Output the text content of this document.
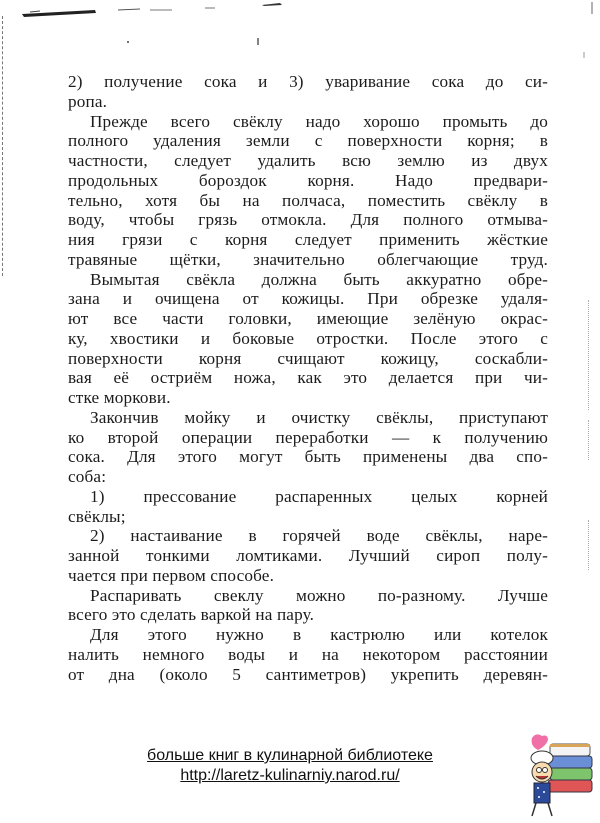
2) получение сока и 3) уваривание сока до си-
ропа.
Прежде всего свёклу надо хорошо промыть до
полного удаления земли с поверхности корня; в
частности, следует удалить всю землю из двух
продольных бороздок корня. Надо предвари-
тельно, хотя бы на полчаса, поместить свёклу в
воду, чтобы грязь отмокла. Для полного отмыва-
ния грязи с корня следует применить жёсткие
травяные щётки, значительно облегчающие труд.
Вымытая свёкла должна быть аккуратно обре-
зана и очищена от кожицы. При обрезке удаля-
ют все части головки, имеющие зелёную окрас-
ку, хвостики и боковые отростки. После этого с
поверхности корня счищают кожицу, соскабли-
вая её остриём ножа, как это делается при чи-
стке моркови.
Закончив мойку и очистку свёклы, приступают
ко второй операции переработки — к получению
сока. Для этого могут быть применены два спо-
соба:
1) прессование распаренных целых корней
свёклы;
2) настаивание в горячей воде свёклы, наре-
занной тонкими ломтиками. Лучший сироп полу-
чается при первом способе.
Распаривать свеклу можно по-разному. Лучше
всего это сделать варкой на пару.
Для этого нужно в кастрюлю или котелок
налить немного воды и на некотором расстоянии
от дна (около 5 сантиметров) укрепить деревян-
больше книг в кулинарной библиотеке
http://laretz-kulinarniy.narod.ru/
